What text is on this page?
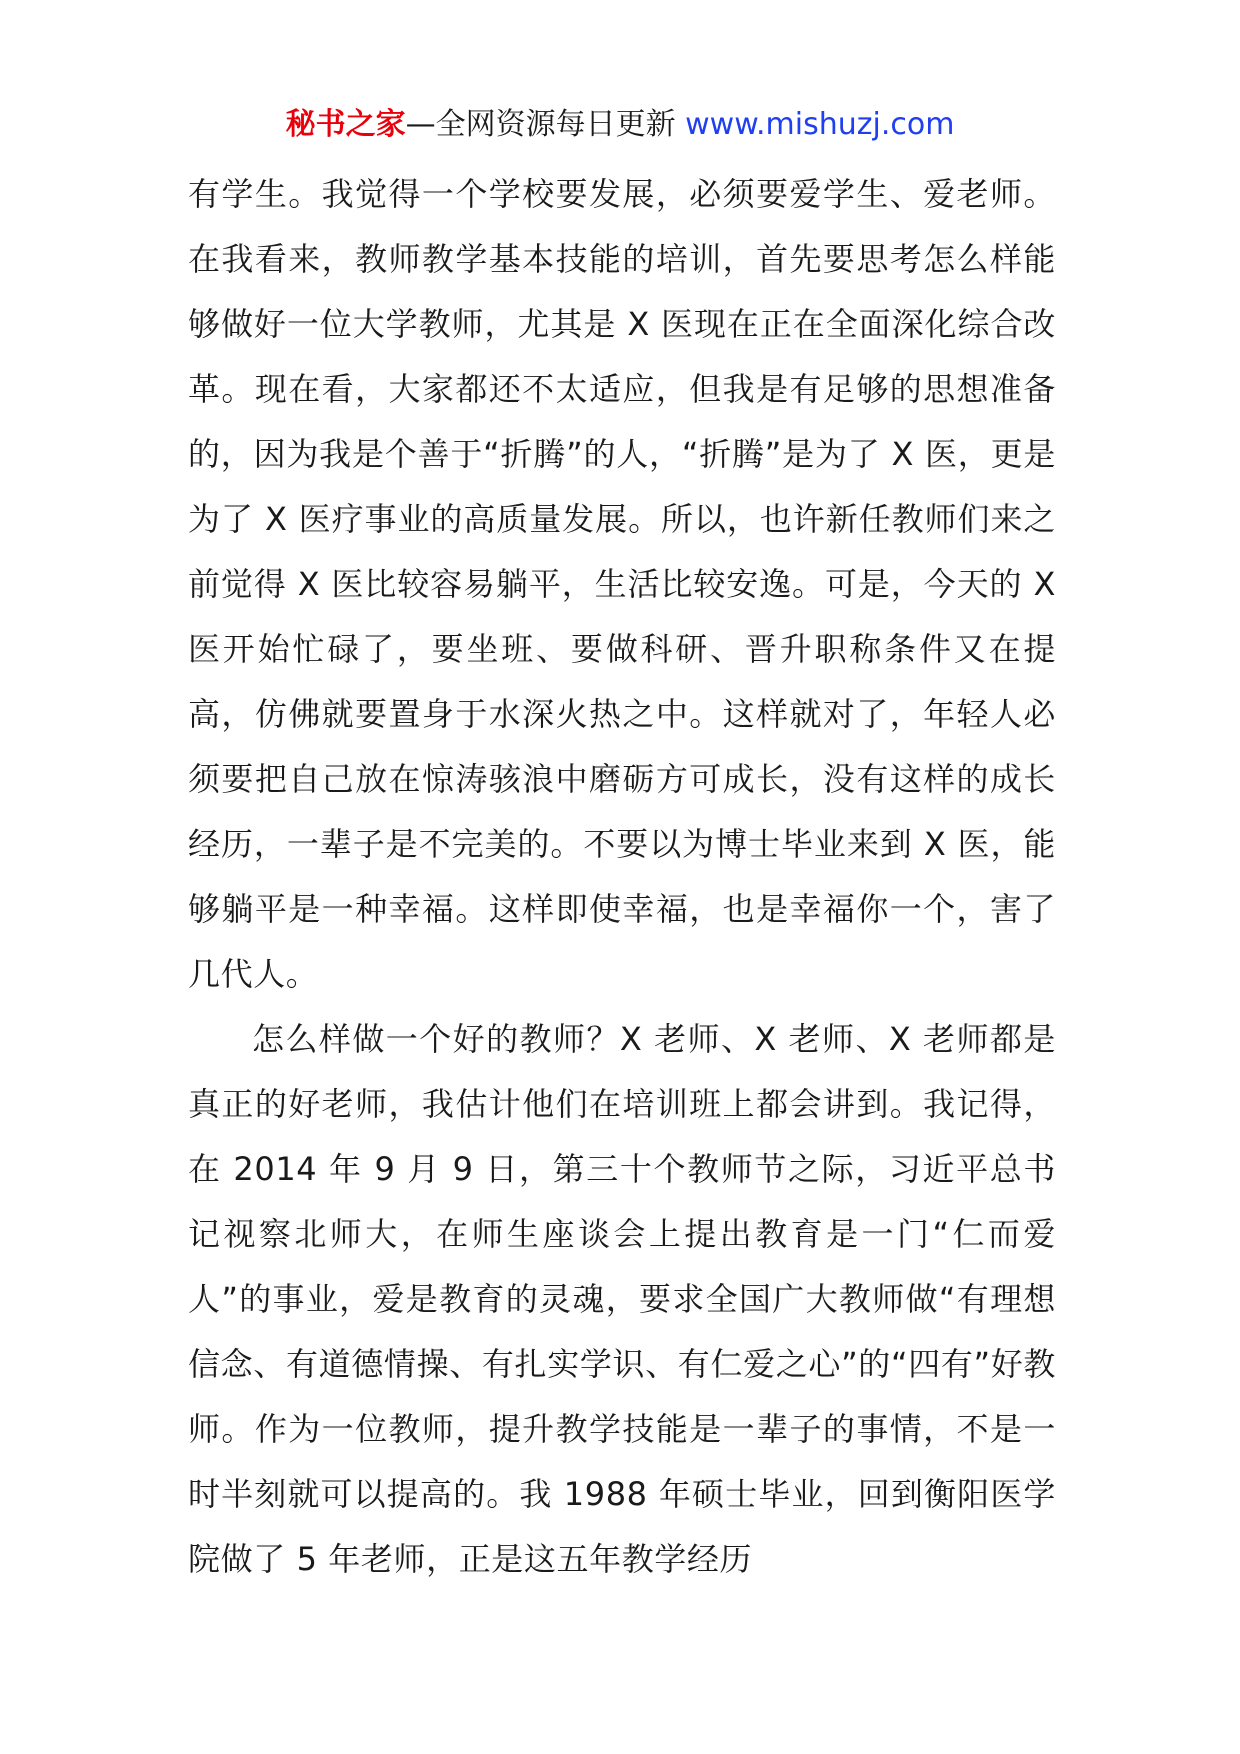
秘书之家—全网资源每日更新 www.mishuzj.com

有学生。我觉得一个学校要发展，必须要爱学生、爱老师。在我看来，教师教学基本技能的培训，首先要思考怎么样能够做好一位大学教师，尤其是 X 医现在正在全面深化综合改革。现在看，大家都还不太适应，但我是有足够的思想准备的，因为我是个善于“折腾”的人，“折腾”是为了 X 医，更是为了 X 医疗事业的高质量发展。所以，也许新任教师们来之前觉得 X 医比较容易躺平，生活比较安逸。可是，今天的 X 医开始忙碌了，要坐班、要做科研、晋升职称条件又在提高，仿佛就要置身于水深火热之中。这样就对了，年轻人必须要把自己放在惊涛骇浪中磨砺方可成长，没有这样的成长经历，一辈子是不完美的。不要以为博士毕业来到 X 医，能够躺平是一种幸福。这样即使幸福，也是幸福你一个，害了几代人。

怎么样做一个好的教师？X 老师、X 老师、X 老师都是真正的好老师，我估计他们在培训班上都会讲到。我记得，在 2014 年 9 月 9 日，第三十个教师节之际，习近平总书记视察北师大，在师生座谈会上提出教育是一门“仁而爱人”的事业，爱是教育的灵魂，要求全国广大教师做“有理想信念、有道德情操、有扎实学识、有仁爱之心”的“四有”好教师。作为一位教师，提升教学技能是一辈子的事情，不是一时半刻就可以提高的。我 1988 年硕士毕业，回到衡阳医学院做了 5 年老师，正是这五年教学经历
